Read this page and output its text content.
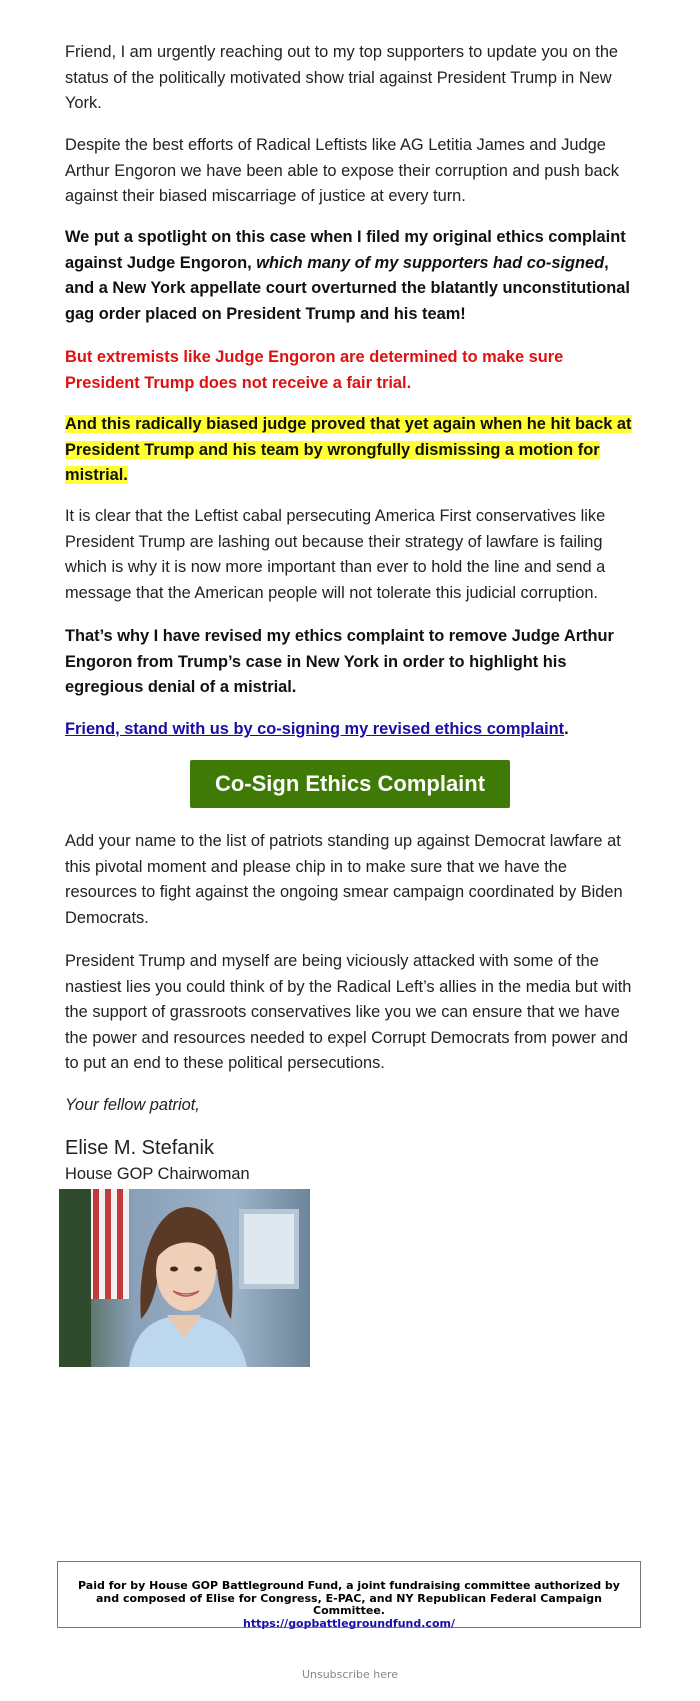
Friend, I am urgently reaching out to my top supporters to update you on the status of the politically motivated show trial against President Trump in New York.

Despite the best efforts of Radical Leftists like AG Letitia James and Judge Arthur Engoron we have been able to expose their corruption and push back against their biased miscarriage of justice at every turn.

We put a spotlight on this case when I filed my original ethics complaint against Judge Engoron, which many of my supporters had co-signed, and a New York appellate court overturned the blatantly unconstitutional gag order placed on President Trump and his team!

But extremists like Judge Engoron are determined to make sure President Trump does not receive a fair trial.

And this radically biased judge proved that yet again when he hit back at President Trump and his team by wrongfully dismissing a motion for mistrial.

It is clear that the Leftist cabal persecuting America First conservatives like President Trump are lashing out because their strategy of lawfare is failing which is why it is now more important than ever to hold the line and send a message that the American people will not tolerate this judicial corruption.

That’s why I have revised my ethics complaint to remove Judge Arthur Engoron from Trump’s case in New York in order to highlight his egregious denial of a mistrial.

Friend, stand with us by co-signing my revised ethics complaint.

Co-Sign Ethics Complaint

Add your name to the list of patriots standing up against Democrat lawfare at this pivotal moment and please chip in to make sure that we have the resources to fight against the ongoing smear campaign coordinated by Biden Democrats.

President Trump and myself are being viciously attacked with some of the nastiest lies you could think of by the Radical Left’s allies in the media but with the support of grassroots conservatives like you we can ensure that we have the power and resources needed to expel Corrupt Democrats from power and to put an end to these political persecutions.

Your fellow patriot,

Elise M. Stefanik
House GOP Chairwoman
Paid for by House GOP Battleground Fund, a joint fundraising committee authorized by and composed of Elise for Congress, E-PAC, and NY Republican Federal Campaign Committee.
https://gopbattlegroundfund.com/
Unsubscribe here
